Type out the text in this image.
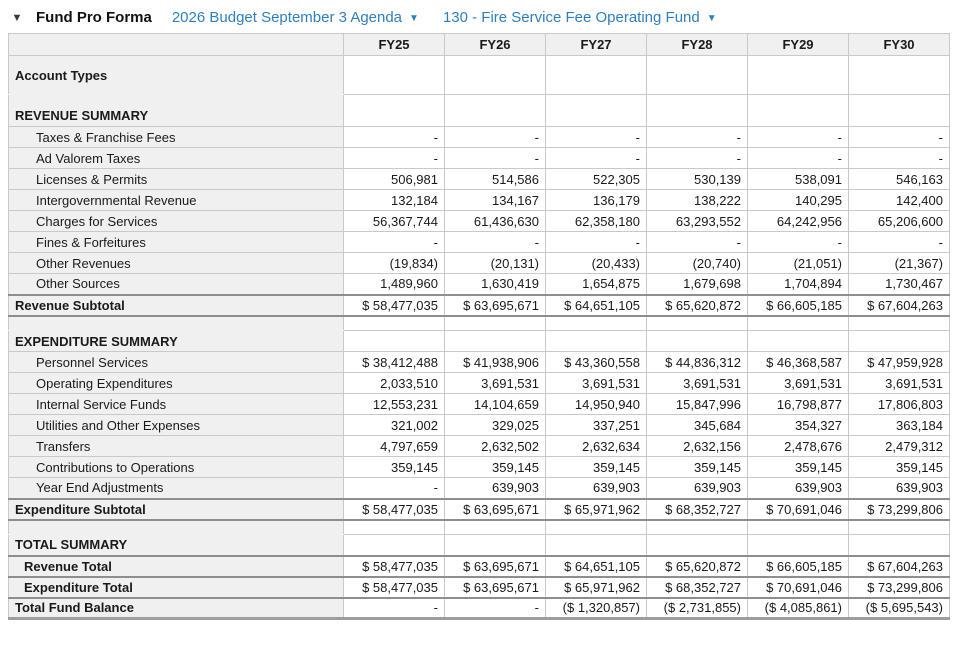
▼ Fund Pro Forma 2026 Budget September 3 Agenda ▼ 130 - Fire Service Fee Operating Fund ▼
	FY25	FY26	FY27	FY28	FY29	FY30
Account Types						
REVENUE SUMMARY						
Taxes & Franchise Fees	-	-	-	-	-	-
Ad Valorem Taxes	-	-	-	-	-	-
Licenses & Permits	506,981	514,586	522,305	530,139	538,091	546,163
Intergovernmental Revenue	132,184	134,167	136,179	138,222	140,295	142,400
Charges for Services	56,367,744	61,436,630	62,358,180	63,293,552	64,242,956	65,206,600
Fines & Forfeitures	-	-	-	-	-	-
Other Revenues	(19,834)	(20,131)	(20,433)	(20,740)	(21,051)	(21,367)
Other Sources	1,489,960	1,630,419	1,654,875	1,679,698	1,704,894	1,730,467
Revenue Subtotal	$ 58,477,035	$ 63,695,671	$ 64,651,105	$ 65,620,872	$ 66,605,185	$ 67,604,263

EXPENDITURE SUMMARY						
Personnel Services	$ 38,412,488	$ 41,938,906	$ 43,360,558	$ 44,836,312	$ 46,368,587	$ 47,959,928
Operating Expenditures	2,033,510	3,691,531	3,691,531	3,691,531	3,691,531	3,691,531
Internal Service Funds	12,553,231	14,104,659	14,950,940	15,847,996	16,798,877	17,806,803
Utilities and Other Expenses	321,002	329,025	337,251	345,684	354,327	363,184
Transfers	4,797,659	2,632,502	2,632,634	2,632,156	2,478,676	2,479,312
Contributions to Operations	359,145	359,145	359,145	359,145	359,145	359,145
Year End Adjustments	-	639,903	639,903	639,903	639,903	639,903
Expenditure Subtotal	$ 58,477,035	$ 63,695,671	$ 65,971,962	$ 68,352,727	$ 70,691,046	$ 73,299,806

TOTAL SUMMARY						
Revenue Total	$ 58,477,035	$ 63,695,671	$ 64,651,105	$ 65,620,872	$ 66,605,185	$ 67,604,263
Expenditure Total	$ 58,477,035	$ 63,695,671	$ 65,971,962	$ 68,352,727	$ 70,691,046	$ 73,299,806
Total Fund Balance	-	-	($ 1,320,857)	($ 2,731,855)	($ 4,085,861)	($ 5,695,543)
